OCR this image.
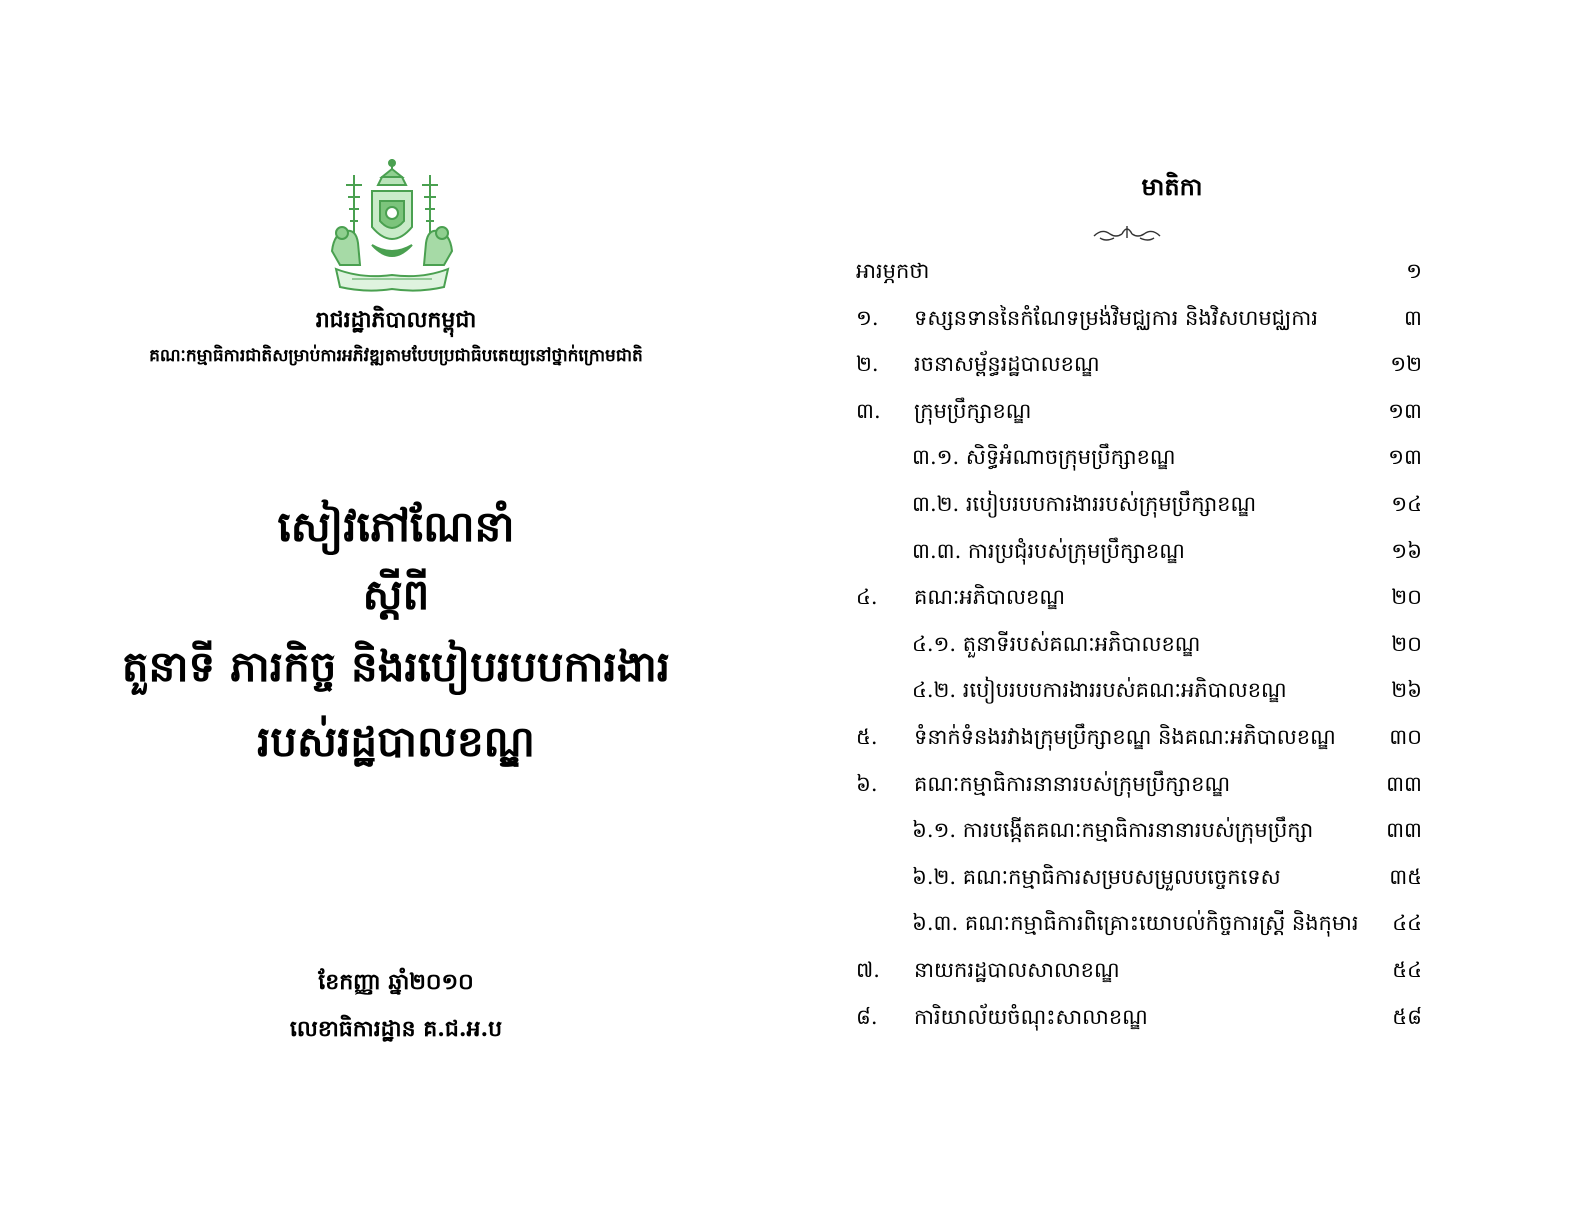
រាជរដ្ឋាភិបាលកម្ពុជា
គណៈកម្មាធិការជាតិសម្រាប់ការអភិវឌ្ឍតាមបែបប្រជាធិបតេយ្យនៅថ្នាក់ក្រោមជាតិ
សៀវភៅណែនាំ
ស្តីពី
តួនាទី ភារកិច្ច និងរបៀបរបបការងារ
របស់រដ្ឋបាលខណ្ឌ
ខែកញ្ញា ឆ្នាំ២០១០
លេខាធិការដ្ឋាន គ.ជ.អ.ប
មាតិកា
អារម្ភកថា	១
១. ទស្សនទាននៃកំណែទម្រង់វិមជ្ឈការ និងវិសហមជ្ឈការ	៣
២. រចនាសម្ព័ន្ធរដ្ឋបាលខណ្ឌ	១២
៣. ក្រុមប្រឹក្សាខណ្ឌ	១៣
៣.១. សិទ្ធិអំណាចក្រុមប្រឹក្សាខណ្ឌ	១៣
៣.២. របៀបរបបការងាររបស់ក្រុមប្រឹក្សាខណ្ឌ	១៤
៣.៣. ការប្រជុំរបស់ក្រុមប្រឹក្សាខណ្ឌ	១៦
៤. គណៈអភិបាលខណ្ឌ	២០
៤.១. តួនាទីរបស់គណៈអភិបាលខណ្ឌ	២០
៤.២. របៀបរបបការងាររបស់គណៈអភិបាលខណ្ឌ	២៦
៥. ទំនាក់ទំនងរវាងក្រុមប្រឹក្សាខណ្ឌ និងគណៈអភិបាលខណ្ឌ	៣០
៦. គណៈកម្មាធិការនានារបស់ក្រុមប្រឹក្សាខណ្ឌ	៣៣
៦.១. ការបង្កើតគណៈកម្មាធិការនានារបស់ក្រុមប្រឹក្សា	៣៣
៦.២. គណៈកម្មាធិការសម្របសម្រួលបច្ចេកទេស	៣៥
៦.៣. គណៈកម្មាធិការពិគ្រោះយោបល់កិច្ចការស្ត្រី និងកុមារ	៤៤
៧. នាយករដ្ឋបាលសាលាខណ្ឌ	៥៤
៨. ការិយាល័យចំណុះសាលាខណ្ឌ	៥៨
